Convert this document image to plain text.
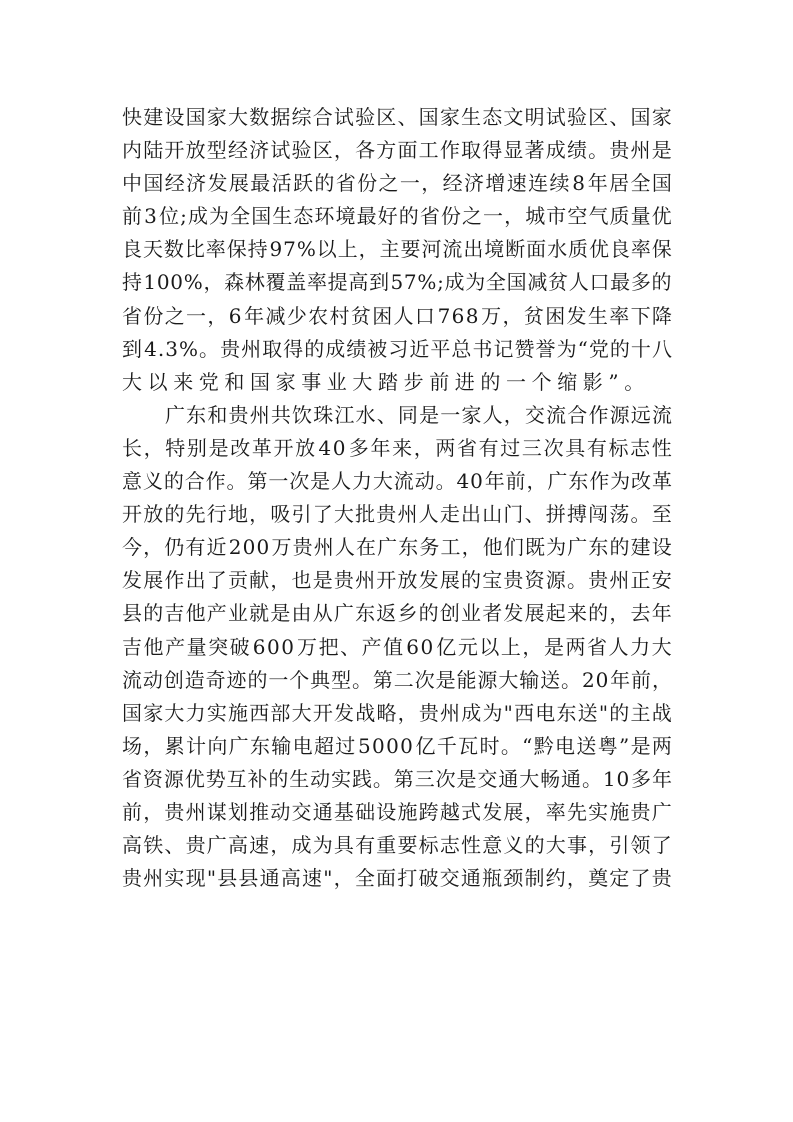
快 建 设 国 家 大 数 据 综 合 试 验 区 、 国 家 生 态 文 明 试 验 区 、 国 家
内 陆 开 放 型 经 济 试 验 区 ， 各 方 面 工 作 取 得 显 著 成 绩 。 贵 州 是
中 国 经 济 发 展 最 活 跃 的 省 份 之 一 ， 经 济 增 速 连 续 8 年 居 全 国
前 3 位 ; 成 为 全 国 生 态 环 境 最 好 的 省 份 之 一 ， 城 市 空 气 质 量 优
良 天 数 比 率 保 持 9 7 % 以 上 ， 主 要 河 流 出 境 断 面 水 质 优 良 率 保
持 1 0 0 % ， 森 林 覆 盖 率 提 高 到 5 7 % ; 成 为 全 国 减 贫 人 口 最 多 的
省 份 之 一 ， 6 年 减 少 农 村 贫 困 人 口 7 6 8 万 ， 贫 困 发 生 率 下 降
到 4 . 3 % 。 贵 州 取 得 的 成 绩 被 习 近 平 总 书 记 赞 誉 为 “ 党 的 十 八
大以来党和国家事业大踏步前进的一个缩影”。
广 东 和 贵 州 共 饮 珠 江 水 、 同 是 一 家 人 ， 交 流 合 作 源 远 流
长 ， 特 别 是 改 革 开 放 4 0 多 年 来 ， 两 省 有 过 三 次 具 有 标 志 性
意 义 的 合 作 。 第 一 次 是 人 力 大 流 动 。 4 0 年 前 ， 广 东 作 为 改 革
开 放 的 先 行 地 ， 吸 引 了 大 批 贵 州 人 走 出 山 门 、 拼 搏 闯 荡 。 至
今 ， 仍 有 近 2 0 0 万 贵 州 人 在 广 东 务 工 ， 他 们 既 为 广 东 的 建 设
发 展 作 出 了 贡 献 ， 也 是 贵 州 开 放 发 展 的 宝 贵 资 源 。 贵 州 正 安
县 的 吉 他 产 业 就 是 由 从 广 东 返 乡 的 创 业 者 发 展 起 来 的 ， 去 年
吉 他 产 量 突 破 6 0 0 万 把 、 产 值 6 0 亿 元 以 上 ， 是 两 省 人 力 大
流 动 创 造 奇 迹 的 一 个 典 型 。 第 二 次 是 能 源 大 输 送 。 2 0 年 前 ，
国 家 大 力 实 施 西 部 大 开 发 战 略 ， 贵 州 成 为 " 西 电 东 送 " 的 主 战
场 ， 累 计 向 广 东 输 电 超 过 5 0 0 0 亿 千 瓦 时 。 “ 黔 电 送 粤 ” 是 两
省 资 源 优 势 互 补 的 生 动 实 践 。 第 三 次 是 交 通 大 畅 通 。 1 0 多 年
前 ， 贵 州 谋 划 推 动 交 通 基 础 设 施 跨 越 式 发 展 ， 率 先 实 施 贵 广
高 铁 、 贵 广 高 速 ， 成 为 具 有 重 要 标 志 性 意 义 的 大 事 ， 引 领 了
贵 州 实 现 " 县 县 通 高 速 " ， 全 面 打 破 交 通 瓶 颈 制 约 ， 奠 定 了 贵
